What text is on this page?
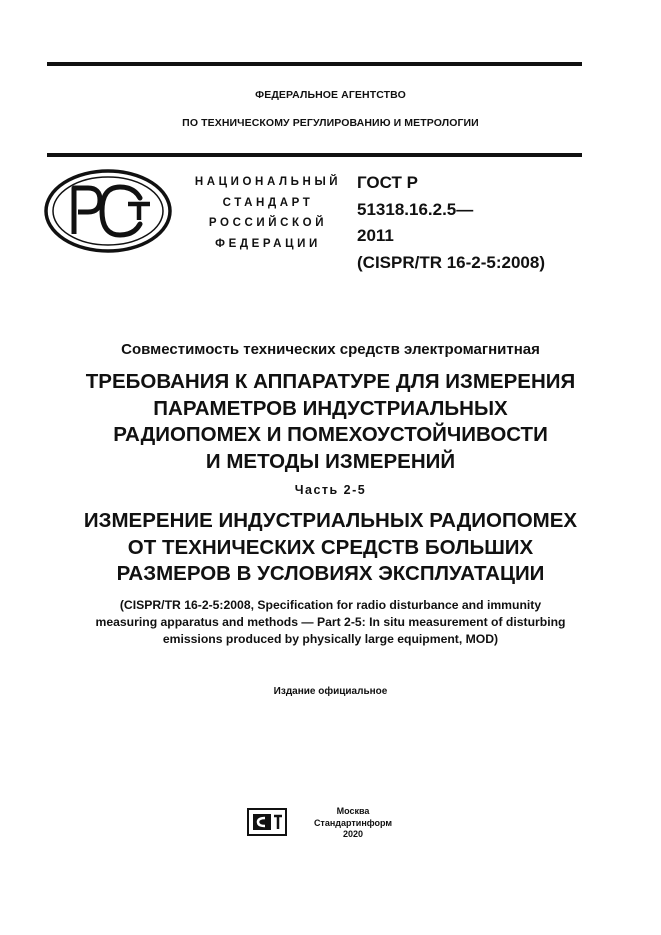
ФЕДЕРАЛЬНОЕ АГЕНТСТВО
ПО ТЕХНИЧЕСКОМУ РЕГУЛИРОВАНИЮ И МЕТРОЛОГИИ
НАЦИОНАЛЬНЫЙ
СТАНДАРТ
РОССИЙСКОЙ
ФЕДЕРАЦИИ
ГОСТ Р
51318.16.2.5—
2011
(CISPR/TR 16-2-5:2008)
Совместимость технических средств электромагнитная
ТРЕБОВАНИЯ К АППАРАТУРЕ ДЛЯ ИЗМЕРЕНИЯ
ПАРАМЕТРОВ ИНДУСТРИАЛЬНЫХ
РАДИОПОМЕХ И ПОМЕХОУСТОЙЧИВОСТИ
И МЕТОДЫ ИЗМЕРЕНИЙ
Часть 2-5
ИЗМЕРЕНИЕ ИНДУСТРИАЛЬНЫХ РАДИОПОМЕХ
ОТ ТЕХНИЧЕСКИХ СРЕДСТВ БОЛЬШИХ
РАЗМЕРОВ В УСЛОВИЯХ ЭКСПЛУАТАЦИИ
(CISPR/TR 16-2-5:2008, Specification for radio disturbance and immunity
measuring apparatus and methods — Part 2-5: In situ measurement of disturbing
emissions produced by physically large equipment, MOD)
Издание официальное
Москва
Стандартинформ
2020
